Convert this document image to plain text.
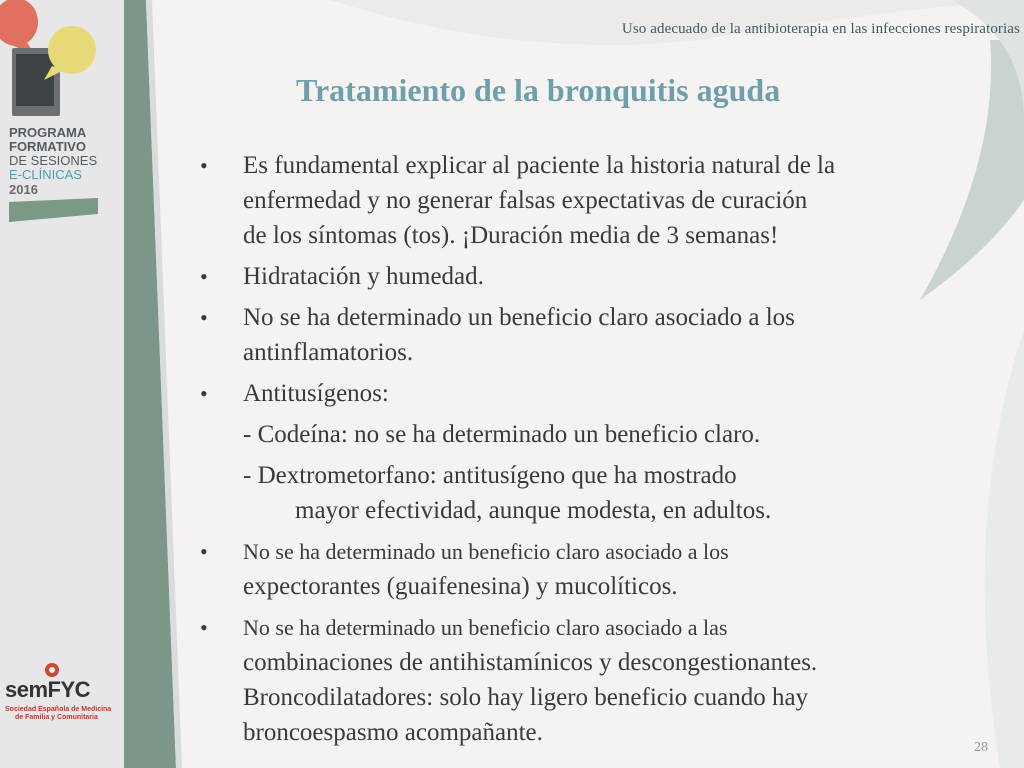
Uso adecuado de la antibioterapia en las infecciones respiratorias
Tratamiento de la bronquitis aguda
PROGRAMA
FORMATIVO
DE SESIONES
E-CLÍNICAS
2016
• Es fundamental explicar al paciente la historia natural de la
enfermedad y no generar falsas expectativas de curación
de los síntomas (tos). ¡Duración media de 3 semanas!
• Hidratación y humedad.
• No se ha determinado un beneficio claro asociado a los
antinflamatorios.
• Antitusígenos:
- Codeína: no se ha determinado un beneficio claro.
- Dextrometorfano: antitusígeno que ha mostrado
mayor efectividad, aunque modesta, en adultos.
• No se ha determinado un beneficio claro asociado a los
expectorantes (guaifenesina) y mucolíticos.
• No se ha determinado un beneficio claro asociado a las
combinaciones de antihistamínicos y descongestionantes.
Broncodilatadores: solo hay ligero beneficio cuando hay
broncoespasmo acompañante.
semFYC
Sociedad Española de Medicina
de Familia y Comunitaria
28
